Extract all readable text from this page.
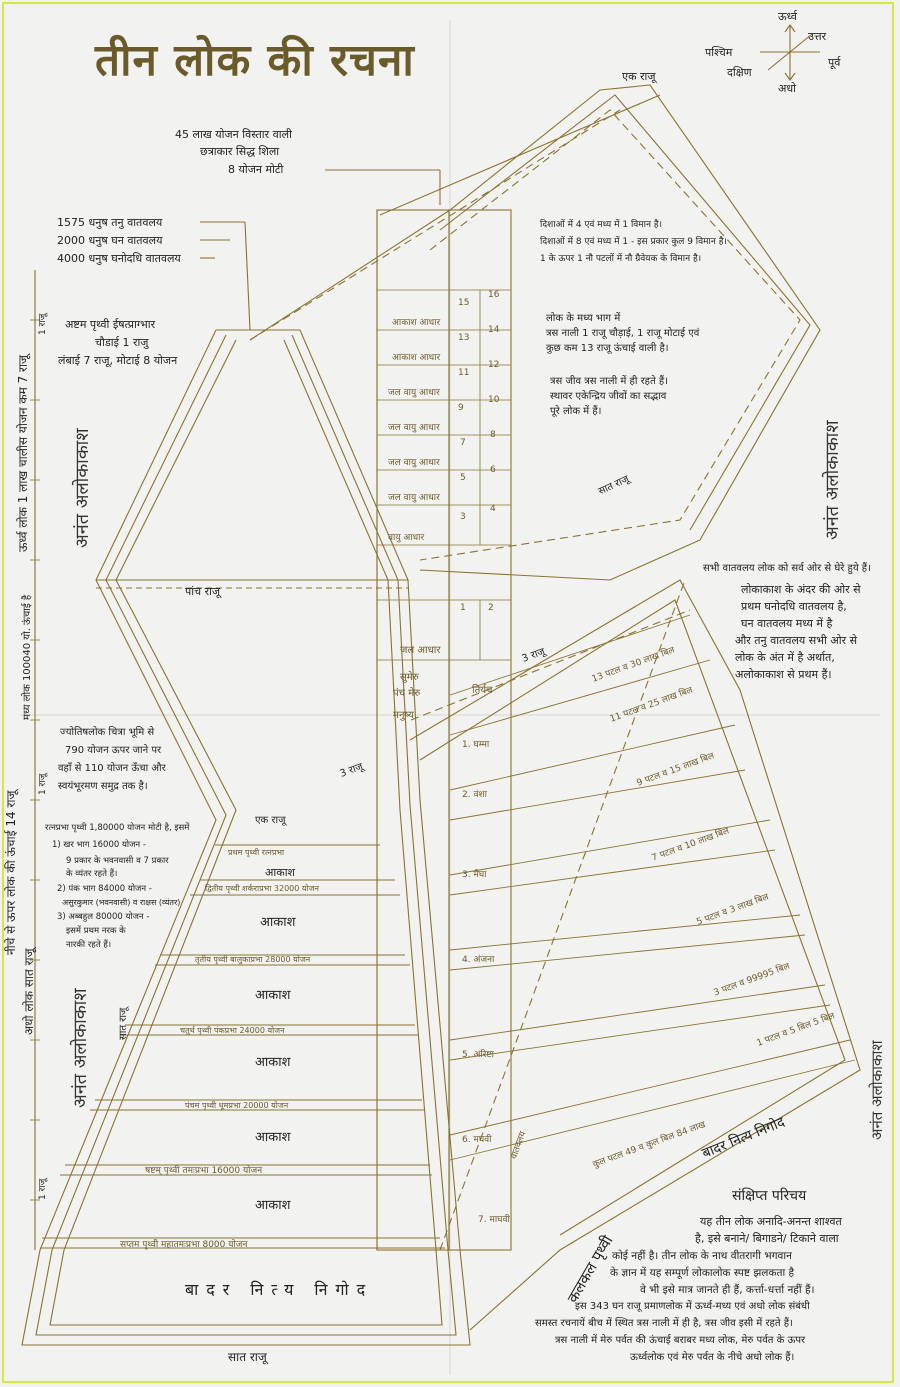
तीन लोक की रचना
ऊर्ध्व
उत्तर
पश्चिम
पूर्व
दक्षिण
अधो
एक राजू
45 लाख योजन विस्तार वाली
छत्राकार सिद्ध शिला
8 योजन मोटी
1575 धनुष तनु वातवलय
2000 धनुष घन वातवलय
4000 धनुष घनोदधि वातवलय
अष्टम पृथ्वी ईषत्प्राग्भार
चौडाई 1 राजु
लंबाई 7 राजू, मोटाई 8 योजन
दिशाओं में 4 एवं मध्य में 1 विमान है।
दिशाओं में 8 एवं मध्य में 1 - इस प्रकार कुल 9 विमान है।
1 के ऊपर 1 नौ पटलों में नौ ग्रैवेयक के विमान है।
लोक के मध्य भाग में
त्रस नाली 1 राजू चौड़ाई, 1 राजू मोटाई एवं
कुछ कम 13 राजू ऊंचाई वाली है।
त्रस जीव त्रस नाली में ही रहते हैं।
स्थावर एकेन्द्रिय जीवों का सद्भाव
पूरे लोक में हैं।
आकाश आधार
आकाश आधार
जल वायु आधार
जल वायु आधार
जल वायु आधार
जल वायु आधार
वायु आधार
15
16
13
14
11
12
9
10
7
8
5
6
3
4
1 2
अनंत अलोकाकाश
अनंत अलोकाकाश
अनंत अलोकाकाश	अनंत अलोकाकाश
ऊर्ध्व लोक 1 लाख चालीस योजन कम 7 राजू
मध्य लोक 100040 यो. ऊंचाई है
नीचे से ऊपर लोक की ऊंचाई 14 राजू
अधो लोक सात राजू
1 राजू
1 राजू
1 राजू
पांच राजू
सात राजू
सात राजू
सात राजू
3 राजू
3 राजू
एक राजू
जल आधार
सुमेरु
पंच मेरु	तिर्यच
मनुष्य
सभी वातवलय लोक को सर्व ओर से घेरे हुये हैं।
लोकाकाश के अंदर की ओर से
प्रथम घनोदधि वातवलय है,
घन वातवलय मध्य में है
और तनु वातवलय सभी ओर से
लोक के अंत में है अर्थात,
अलोकाकाश से प्रथम हैं।
ज्योतिषलोक चित्रा भूमि से
790 योजन ऊपर जाने पर
वहाँ से 110 योजन ऊँचा और
स्वयंभूरमण समुद्र तक है।
रत्नप्रभा पृथ्वी 1,80000 योजन मोटी है, इसमें
1) खर भाग 16000 योजन -
9 प्रकार के भवनवासी व 7 प्रकार
के व्यंतर रहते हैं।
2) पंक भाग 84000 योजन -
असुरकुमार (भवनवासी) व राक्षस (व्यंतर)
3) अब्बहुल 80000 योजन -
इसमें प्रथम नरक के
नारकी रहते हैं।
प्रथम पृथ्वी रत्नप्रभा
आकाश
द्वितीय पृथ्वी शर्कराप्रभा 32000 योजन
आकाश
तृतीय पृथ्वी बालुकाप्रभा 28000 योजन
आकाश
चतुर्थ पृथ्वी पंकप्रभा 24000 योजन
आकाश
पंचम पृथ्वी धूमप्रभा 20000 योजन
आकाश
षष्टम् पृथ्वी तमःप्रभा 16000 योजन
आकाश
सप्तम पृथ्वी महातमःप्रभा 8000 योजन
बादर नित्य निगोद
बादर नित्य निगोद
कलकल पृथ्वी
13 पटल व 30 लाख बिल
11 पटल व 25 लाख बिल
9 पटल व 15 लाख बिल
7 पटल व 10 लाख बिल
5 पटल व 3 लाख बिल
3 पटल व 99995 बिल
1 पटल व 5 बिल 5 बिल
कुल पटल 49 व कुल बिल 84 लाख
वातवलय
1. घम्मा
2. वंशा
3. मेघा
4. अंजना
5. अरिष्टा
6. मघवी
7. माघवी
संक्षिप्त परिचय
यह तीन लोक अनादि-अनन्त शाश्वत
है, इसे बनाने/ बिगाडने/ टिकाने वाला
कोई नहीं है। तीन लोक के नाथ वीतरागी भगवान
के ज्ञान में यह सम्पूर्ण लोकालोक स्पष्ट झलकता है
वे भी इसे मात्र जानते ही हैं, कर्त्ता-धर्त्ता नहीं हैं।
इस 343 घन राजू प्रमाणलोक में ऊर्ध्व-मध्य एवं अधो लोक संबंधी
समस्त रचनायें बीच में स्थित त्रस नाली में ही है, त्रस जीव इसी में रहते हैं।
त्रस नाली में मेरु पर्वत की ऊंचाई बराबर मध्य लोक, मेरु पर्वत के ऊपर
ऊर्ध्वलोक एवं मेरु पर्वत के नीचे अधो लोक हैं।
